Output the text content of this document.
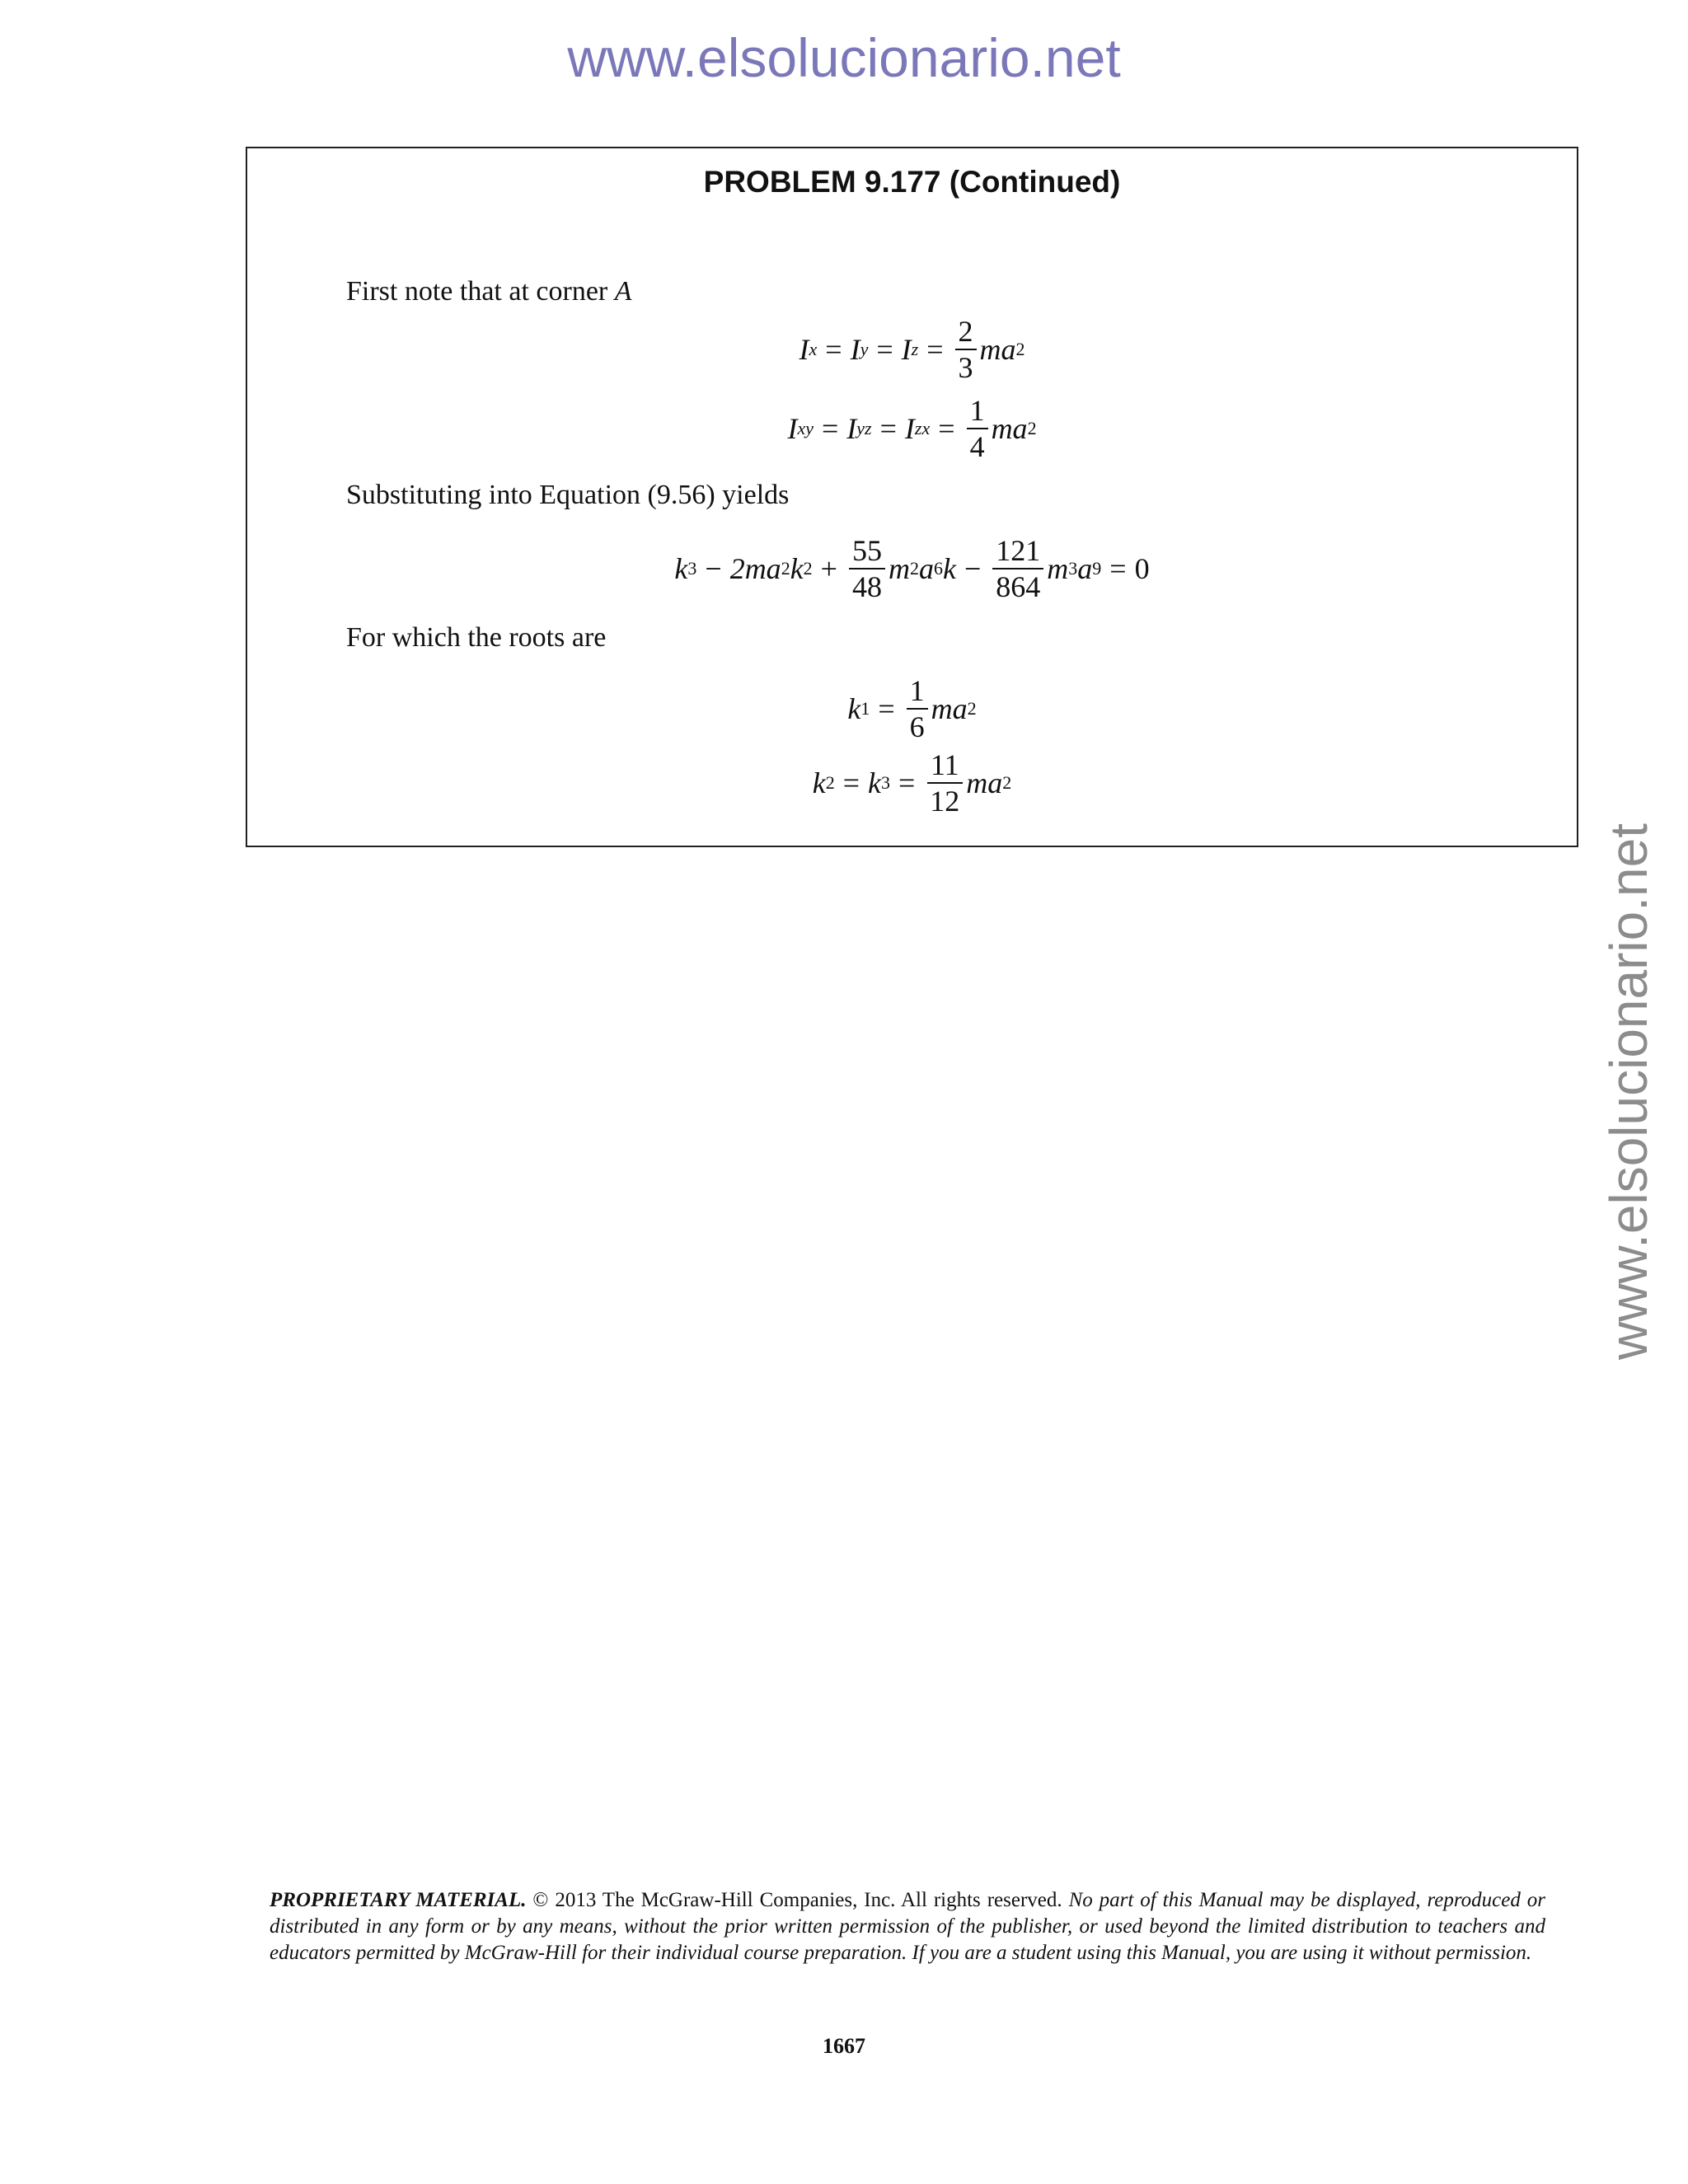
www.elsolucionario.net
www.elsolucionario.net
PROBLEM 9.177 (Continued)
First note that at corner A
I x = I y = I $z = \frac{2}{3}$ ma 2
I xy = I yz = I zx = $\frac{1}{4}$ ma 2
Substituting into Equation (9.56) yields
k 3 − 2ma 2 k $2 + \frac{55}{48}$ m 2 a 6 $k - \frac{121}{864}$ m 3 a 9 = 0
For which the roots are
k $1 = \frac{1}{6}$ ma 2
k 2 = k $3 = \frac{11}{12}$ ma 2
PROPRIETARY MATERIAL. © 2013 The McGraw-Hill Companies, Inc. All rights reserved. No part of this Manual may be displayed, reproduced or distributed in any form or by any means, without the prior written permission of the publisher, or used beyond the limited distribution to teachers and educators permitted by McGraw-Hill for their individual course preparation. If you are a student using this Manual, you are using it without permission.
1667
